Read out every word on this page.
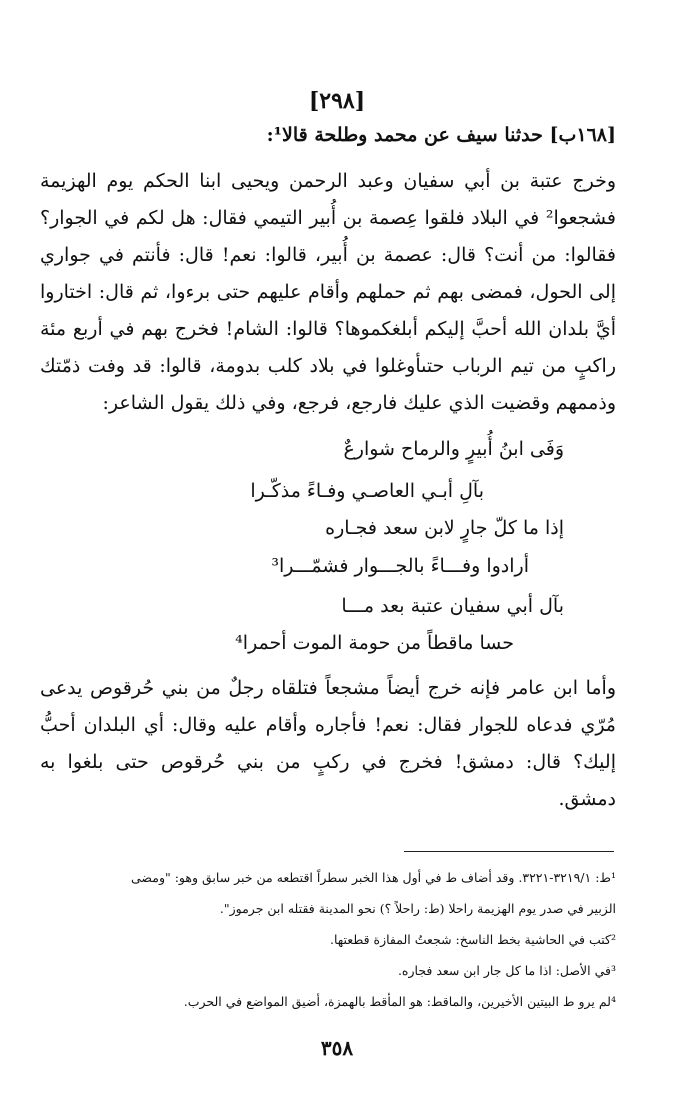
[٢٩٨]
[١٦٨ب] حدثنا سيف عن محمد وطلحة قالا¹:
وخرج عتبة بن أبي سفيان وعبد الرحمن ويحيى ابنا الحكم يوم الهزيمة
فشجعوا² في البلاد فلقوا عِصمة بن أُبير التيمي فقال: هل لكم في الجوار؟
فقالوا: من أنت؟ قال: عصمة بن أُبير، قالوا: نعم! قال: فأنتم في جواري
إلى الحول، فمضى بهم ثم حملهم وأقام عليهم حتى برءوا، ثم قال: اختاروا
أيَّ بلدان الله أحبَّ إليكم أبلغكموها؟ قالوا: الشام! فخرج بهم في أربع مئة
راكبٍ من تيم الرباب حتىأوغلوا في بلاد كلب بدومة، قالوا: قد وفت ذمّتك
وذممهم وقضيت الذي عليك فارجع، فرجع، وفي ذلك يقول الشاعر:
وَفَى ابنُ أُبيرٍ والرماح شوارعٌ
بآلِ أبـي العاصـي وفـاءً مذكّـرا
إذا ما كلّ جارٍ لابن سعد فجـاره
أرادوا وفـــاءً بالجـــوار فشمّـــرا³
بآل أبي سفيان عتبة بعد مـــا
حسا ماقطاً من حومة الموت أحمرا⁴
وأما ابن عامر فإنه خرج أيضاً مشجعاً فتلقاه رجلٌ من بني حُرقوص يدعى
مُرّي فدعاه للجوار فقال: نعم! فأجاره وأقام عليه وقال: أي البلدان أحبُّ
إليك؟ قال: دمشق! فخرج في ركبٍ من بني حُرقوص حتى بلغوا به
دمشق.
¹ط: ٣٢١٩/١-٣٢٢١. وقد أضاف ط في أول هذا الخبر سطراً اقتطعه من خبر سابق وهو: "ومضى
الزبير في صدر يوم الهزيمة راحلا (ط: راحلاً ؟) نحو المدينة فقتله ابن جرموز".
²كتب في الحاشية بخط الناسخ: شجعتُ المفازة قطعتها.
³في الأصل: اذا ما كل جار ابن سعد فجاره.
⁴لم يرو ط البيتين الأخيرين، والماقط: هو المأقط بالهمزة، أضيق المواضع في الحرب.
٣٥٨
